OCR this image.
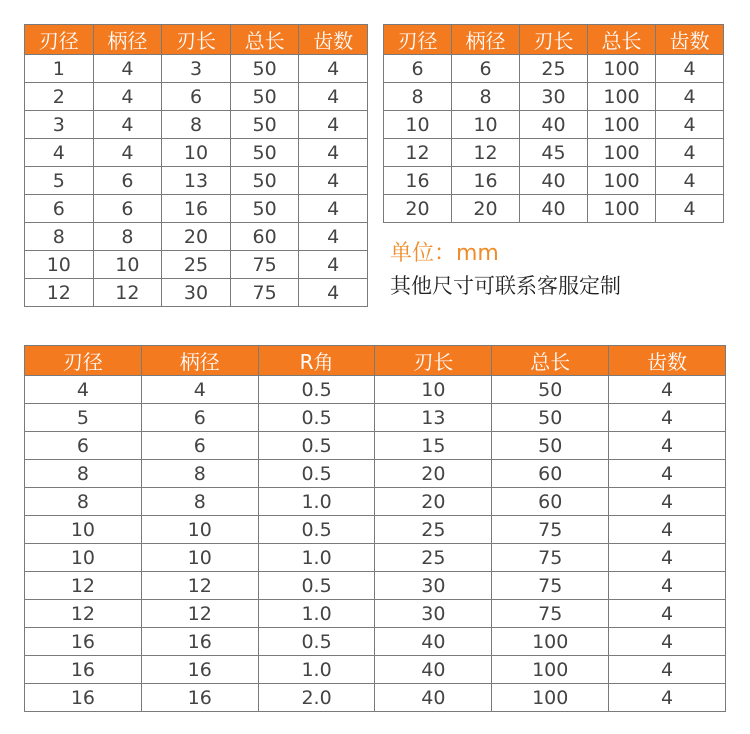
刃径	柄径	刃长	总长	齿数
1	4	3	50	4
2	4	6	50	4
3	4	8	50	4
4	4	10	50	4
5	6	13	50	4
6	6	16	50	4
8	8	20	60	4
10	10	25	75	4
12	12	30	75	4
刃径	柄径	刃长	总长	齿数
6	6	25	100	4
8	8	30	100	4
10	10	40	100	4
12	12	45	100	4
16	16	40	100	4
20	20	40	100	4

单位：mm

其他尺寸可联系客服定制

刃径	柄径	R角	刃长	总长	齿数
4	4	0.5	10	50	4
5	6	0.5	13	50	4
6	6	0.5	15	50	4
8	8	0.5	20	60	4
8	8	1.0	20	60	4
10	10	0.5	25	75	4
10	10	1.0	25	75	4
12	12	0.5	30	75	4
12	12	1.0	30	75	4
16	16	0.5	40	100	4
16	16	1.0	40	100	4
16	16	2.0	40	100	4
